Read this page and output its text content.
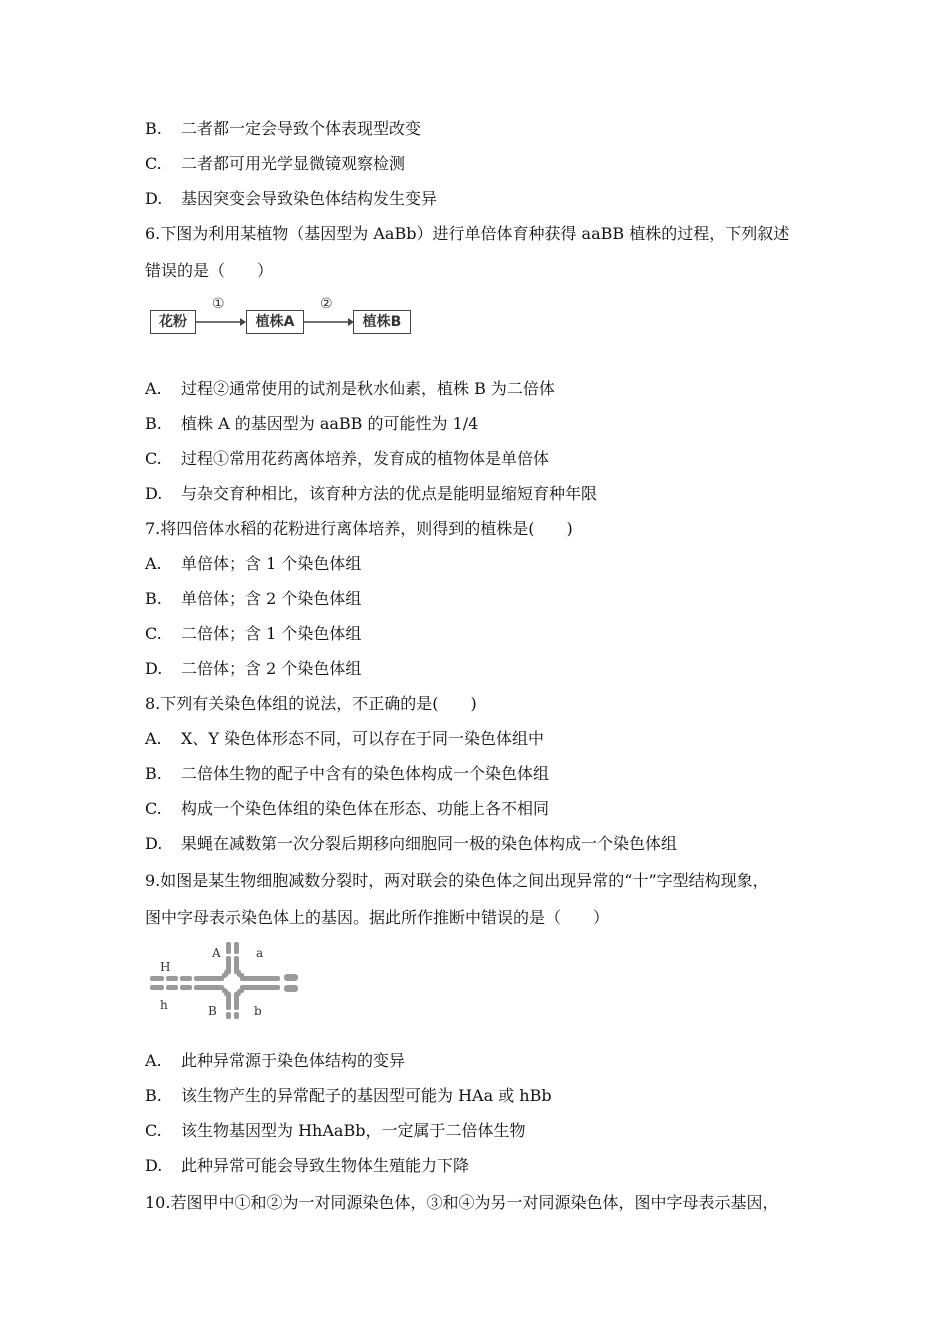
B. 二者都一定会导致个体表现型改变
C. 二者都可用光学显微镜观察检测
D. 基因突变会导致染色体结构发生变异
6.下图为利用某植物（基因型为 AaBb）进行单倍体育种获得 aaBB 植株的过程，下列叙述
错误的是（　　）
花粉
①
植株A
②
植株B
A. 过程②通常使用的试剂是秋水仙素，植株 B 为二倍体
B. 植株 A 的基因型为 aaBB 的可能性为 1/4
C. 过程①常用花药离体培养，发育成的植物体是单倍体
D. 与杂交育种相比，该育种方法的优点是能明显缩短育种年限
7.将四倍体水稻的花粉进行离体培养，则得到的植株是(　　)
A. 单倍体；含 1 个染色体组
B. 单倍体；含 2 个染色体组
C. 二倍体；含 1 个染色体组
D. 二倍体；含 2 个染色体组
8.下列有关染色体组的说法，不正确的是(　　)
A. X、Y 染色体形态不同，可以存在于同一染色体组中
B. 二倍体生物的配子中含有的染色体构成一个染色体组
C. 构成一个染色体组的染色体在形态、功能上各不相同
D. 果蝇在减数第一次分裂后期移向细胞同一极的染色体构成一个染色体组
9.如图是某生物细胞减数分裂时，两对联会的染色体之间出现异常的“十”字型结构现象，
图中字母表示染色体上的基因。据此所作推断中错误的是（　　）
H
h
A	a
B	b
A. 此种异常源于染色体结构的变异
B. 该生物产生的异常配子的基因型可能为 HAa 或 hBb
C. 该生物基因型为 HhAaBb，一定属于二倍体生物
D. 此种异常可能会导致生物体生殖能力下降
10.若图甲中①和②为一对同源染色体，③和④为另一对同源染色体，图中字母表示基因，
